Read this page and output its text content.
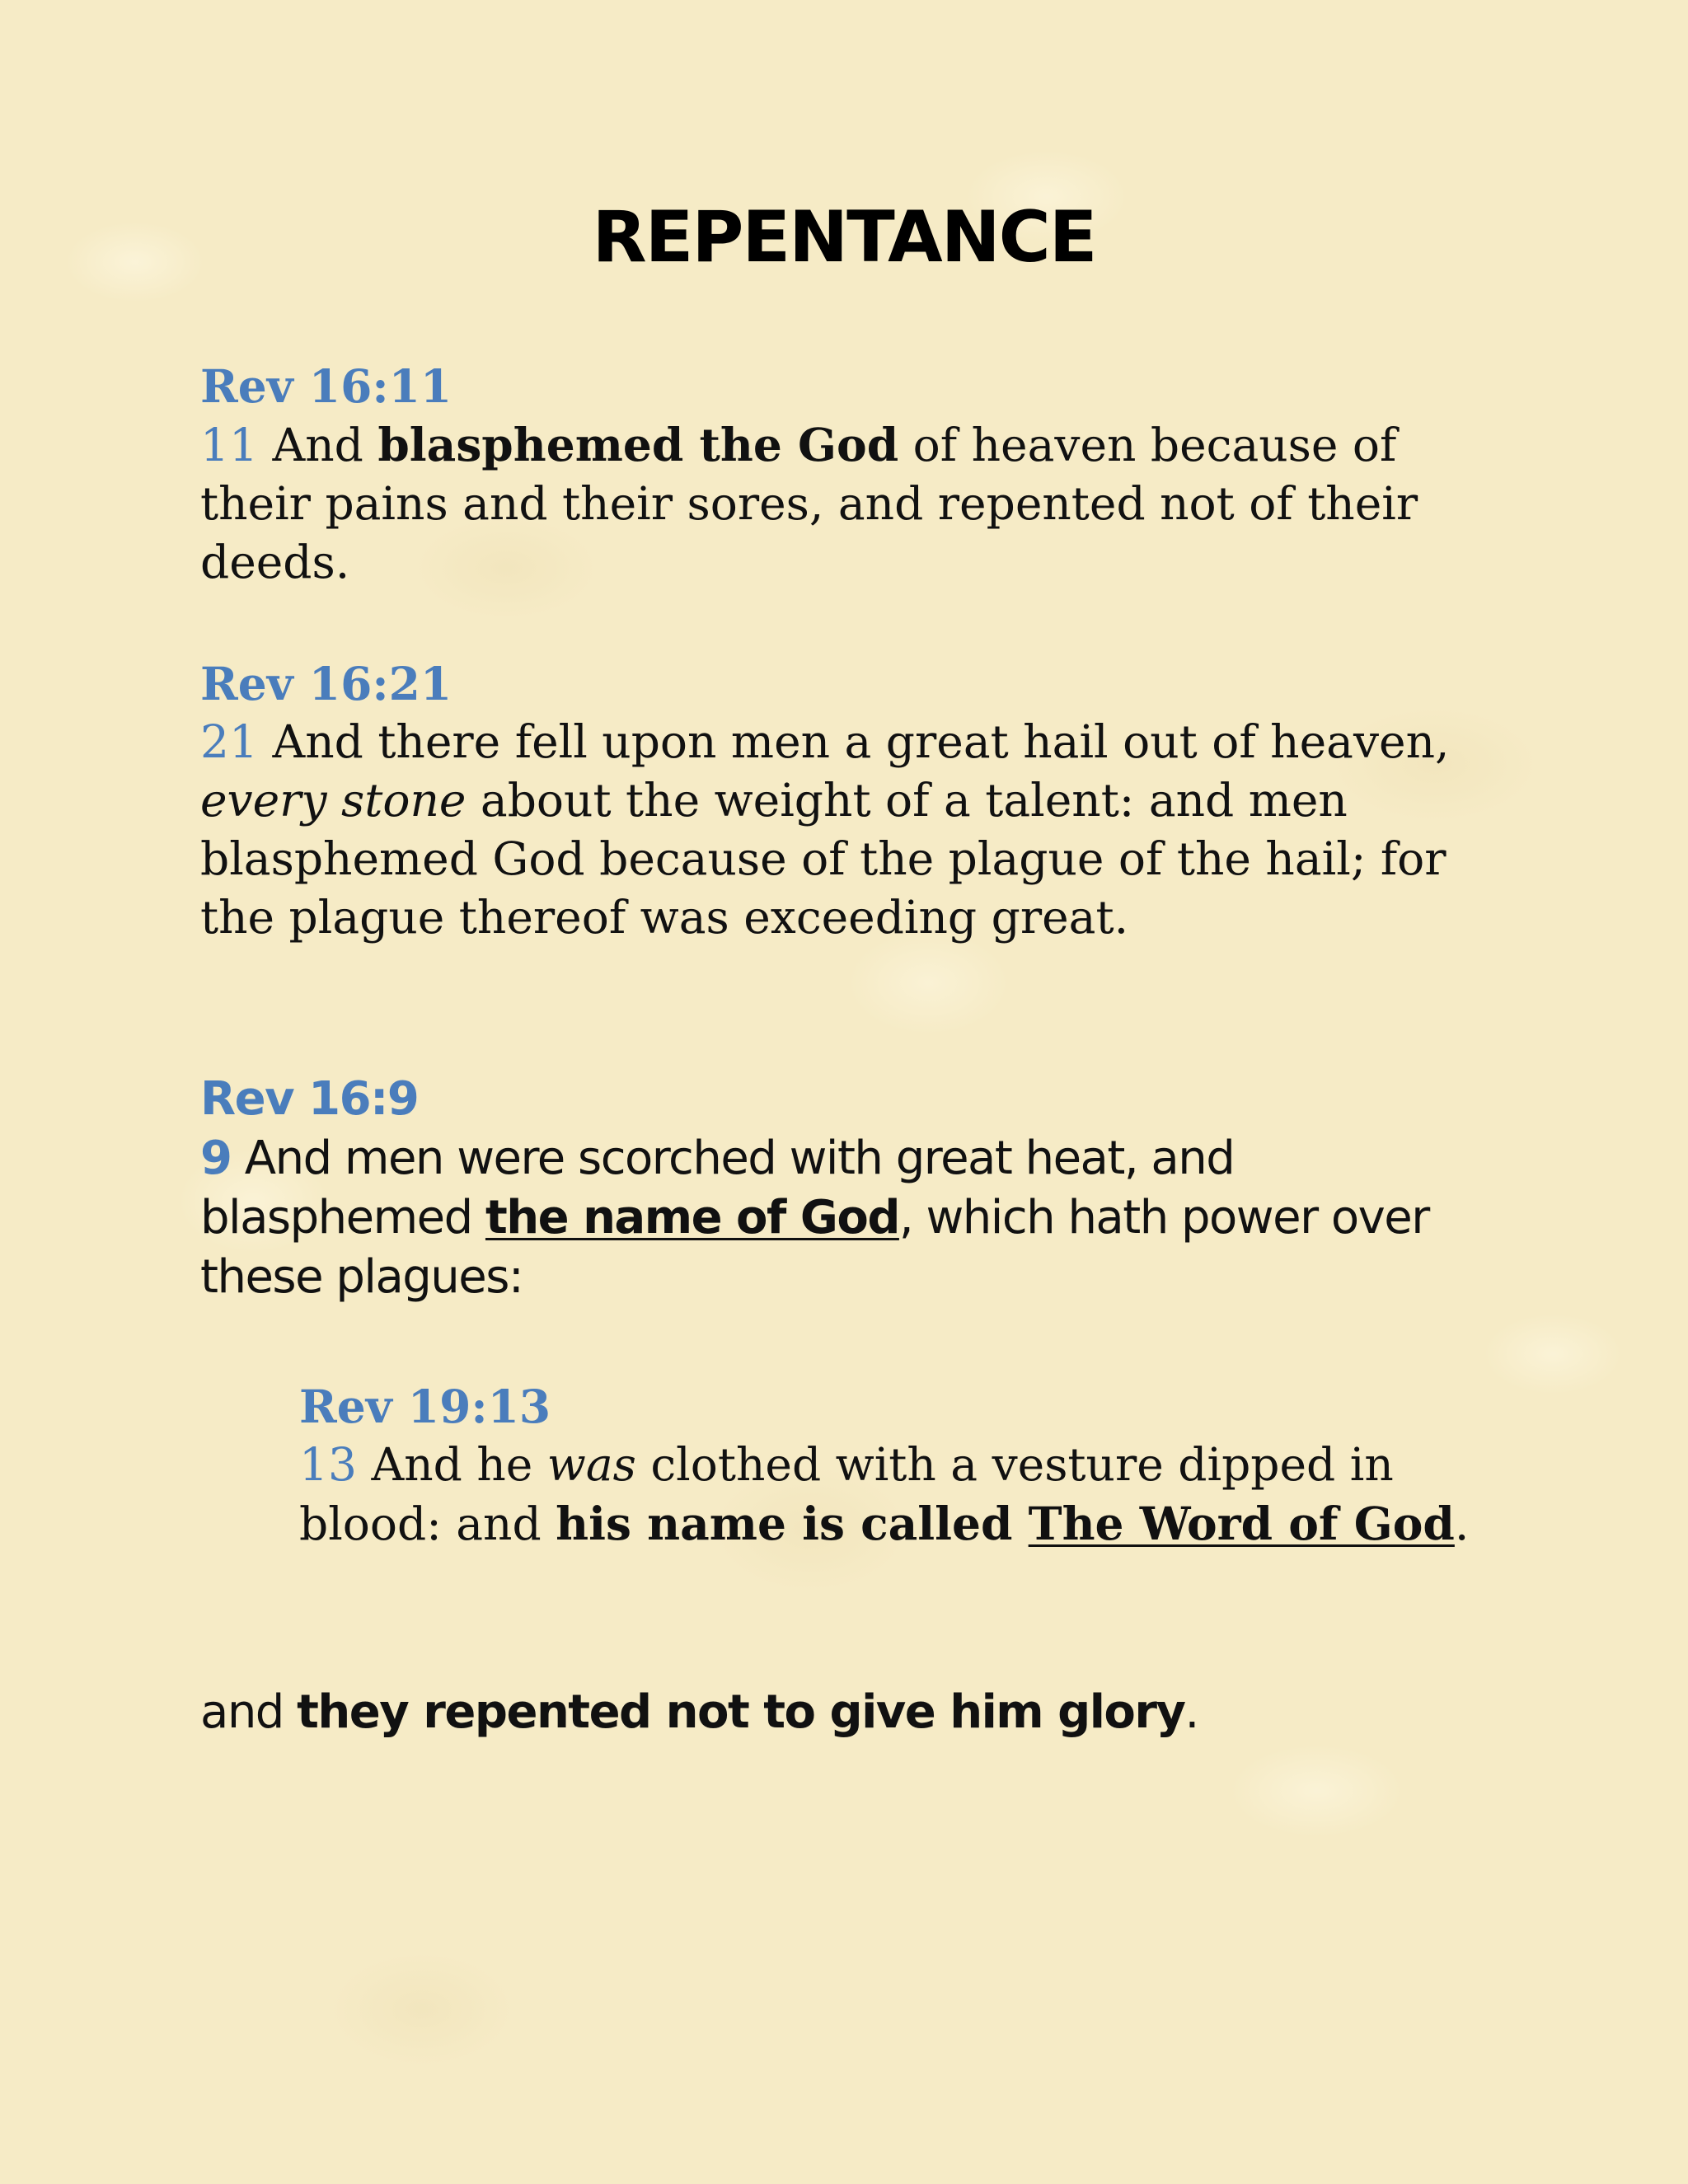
REPENTANCE

Rev 16:11

11 And blasphemed the God of heaven because of their pains and their sores, and repented not of their deeds.

Rev 16:21

21 And there fell upon men a great hail out of heaven, every stone about the weight of a talent: and men blasphemed God because of the plague of the hail; for the plague thereof was exceeding great.

Rev 16:9

9 And men were scorched with great heat, and blasphemed the name of God, which hath power over these plagues:

Rev 19:13

13 And he was clothed with a vesture dipped in blood: and his name is called The Word of God.

and they repented not to give him glory.
